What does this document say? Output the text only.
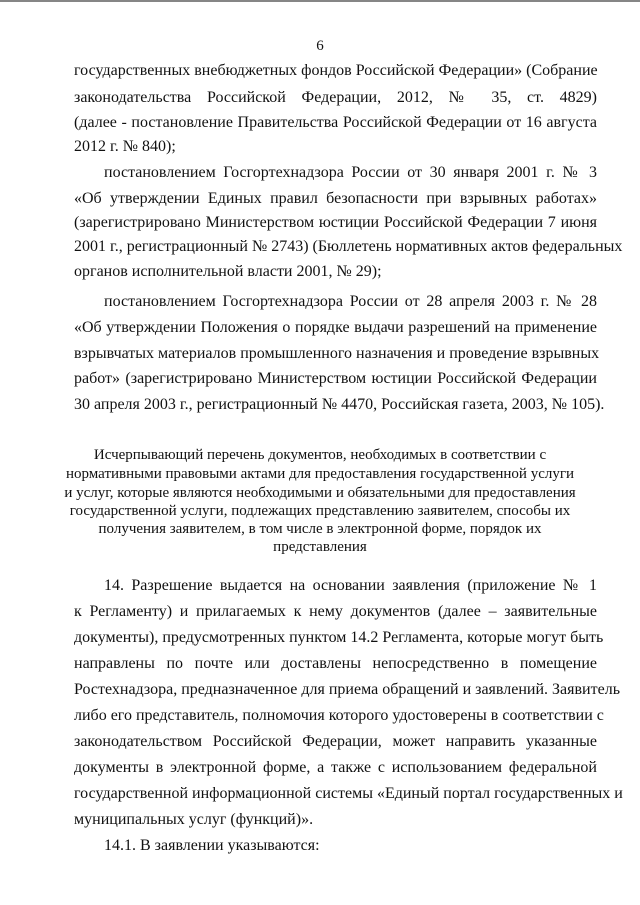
6
государственных внебюджетных фондов Российской Федерации» (Собрание
законодательства Российской Федерации, 2012, № 35, ст. 4829)
(далее - постановление Правительства Российской Федерации от 16 августа
2012 г. № 840);
постановлением Госгортехнадзора России от 30 января 2001 г. № 3
«Об утверждении Единых правил безопасности при взрывных работах»
(зарегистрировано Министерством юстиции Российской Федерации 7 июня
2001 г., регистрационный № 2743) (Бюллетень нормативных актов федеральных
органов исполнительной власти 2001, № 29);
постановлением Госгортехнадзора России от 28 апреля 2003 г. № 28
«Об утверждении Положения о порядке выдачи разрешений на применение
взрывчатых материалов промышленного назначения и проведение взрывных
работ» (зарегистрировано Министерством юстиции Российской Федерации
30 апреля 2003 г., регистрационный № 4470, Российская газета, 2003, № 105).
Исчерпывающий перечень документов, необходимых в соответствии с
нормативными правовыми актами для предоставления государственной услуги
и услуг, которые являются необходимыми и обязательными для предоставления
государственной услуги, подлежащих представлению заявителем, способы их
получения заявителем, в том числе в электронной форме, порядок их
представления
14. Разрешение выдается на основании заявления (приложение № 1
к Регламенту) и прилагаемых к нему документов (далее – заявительные
документы), предусмотренных пунктом 14.2 Регламента, которые могут быть
направлены по почте или доставлены непосредственно в помещение
Ростехнадзора, предназначенное для приема обращений и заявлений. Заявитель
либо его представитель, полномочия которого удостоверены в соответствии с
законодательством Российской Федерации, может направить указанные
документы в электронной форме, а также с использованием федеральной
государственной информационной системы «Единый портал государственных и
муниципальных услуг (функций)».
14.1. В заявлении указываются:
